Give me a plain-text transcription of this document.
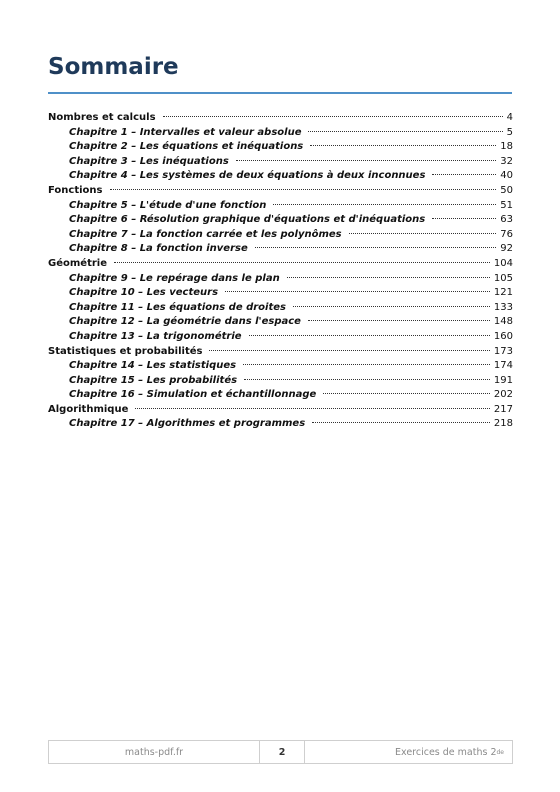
Sommaire
Nombres et calculs	4
Chapitre 1 – Intervalles et valeur absolue	5
Chapitre 2 – Les équations et inéquations	18
Chapitre 3 – Les inéquations	32
Chapitre 4 – Les systèmes de deux équations à deux inconnues	40
Fonctions	50
Chapitre 5 – L'étude d'une fonction	51
Chapitre 6 – Résolution graphique d'équations et d'inéquations	63
Chapitre 7 – La fonction carrée et les polynômes	76
Chapitre 8 – La fonction inverse	92
Géométrie	104
Chapitre 9 – Le repérage dans le plan	105
Chapitre 10 – Les vecteurs	121
Chapitre 11 – Les équations de droites	133
Chapitre 12 – La géométrie dans l'espace	148
Chapitre 13 – La trigonométrie	160
Statistiques et probabilités	173
Chapitre 14 – Les statistiques	174
Chapitre 15 – Les probabilités	191
Chapitre 16 – Simulation et échantillonnage	202
Algorithmique	217
Chapitre 17 – Algorithmes et programmes	218
maths-pdf.fr	2	Exercices de maths 2 de
